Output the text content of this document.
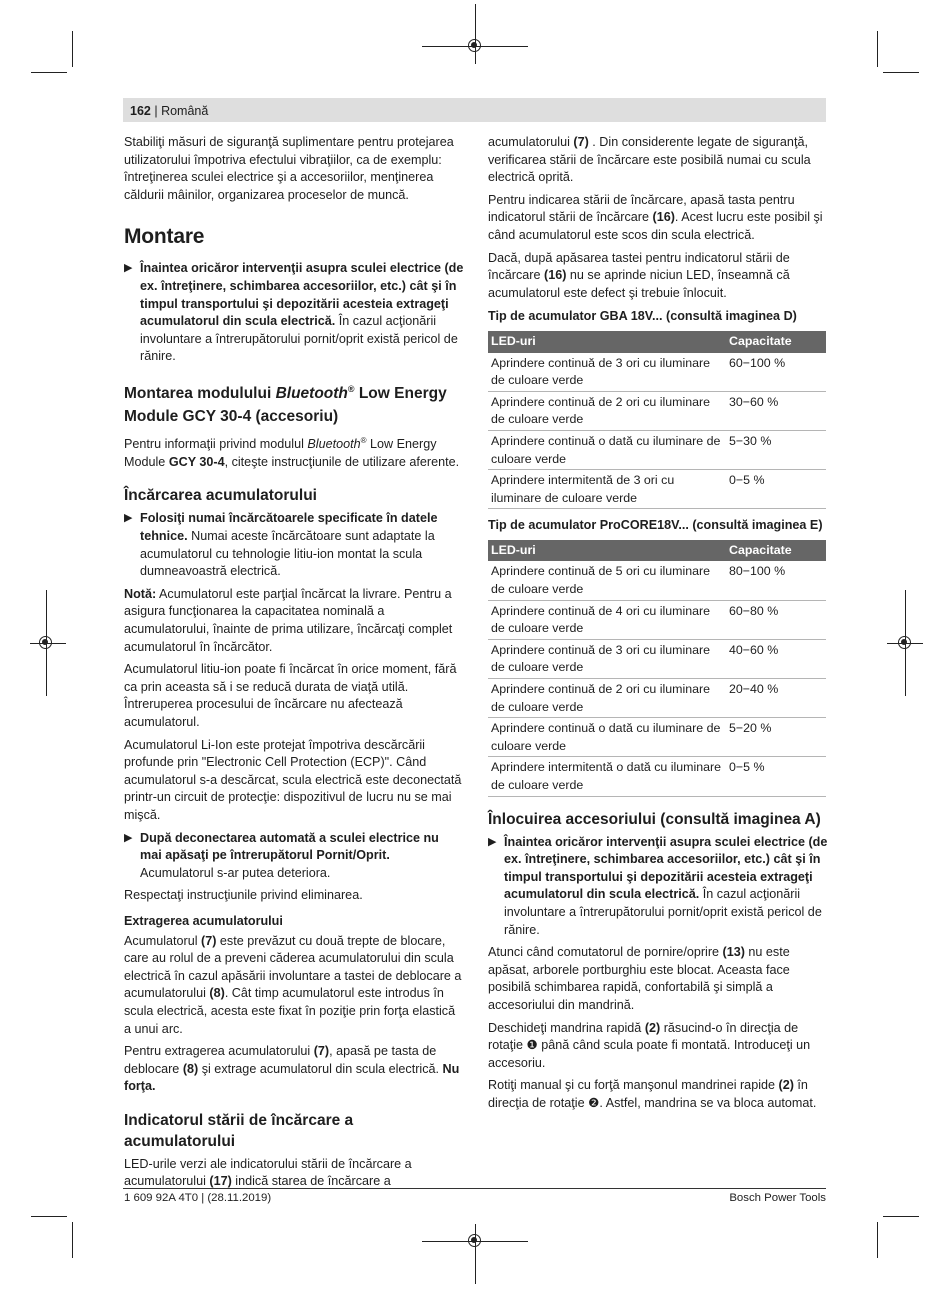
162 | Română

Stabiliţi măsuri de siguranţă suplimentare pentru protejarea utilizatorului împotriva efectului vibraţiilor, ca de exemplu: întreţinerea sculei electrice şi a accesoriilor, menţinerea căldurii mâinilor, organizarea proceselor de muncă.

Montare
▶ Înaintea oricăror intervenţii asupra sculei electrice (de ex. întreţinere, schimbarea accesoriilor, etc.) cât şi în timpul transportului şi depozitării acesteia extrageţi acumulatorul din scula electrică. În cazul acţionării involuntare a întrerupătorului pornit/oprit există pericol de rănire.
Montarea modulului Bluetooth® Low Energy Module GCY 30-4 (accesoriu)

Pentru informaţii privind modulul Bluetooth® Low Energy Module GCY 30-4, citeşte instrucţiunile de utilizare aferente.

Încărcarea acumulatorului
▶ Folosiţi numai încărcătoarele specificate în datele tehnice. Numai aceste încărcătoare sunt adaptate la acumulatorul cu tehnologie litiu-ion montat la scula dumneavoastră electrică.

Notă: Acumulatorul este parţial încărcat la livrare. Pentru a asigura funcţionarea la capacitatea nominală a acumulatorului, înainte de prima utilizare, încărcaţi complet acumulatorul în încărcător.

Acumulatorul litiu-ion poate fi încărcat în orice moment, fără ca prin aceasta să i se reducă durata de viaţă utilă. Întreruperea procesului de încărcare nu afectează acumulatorul.

Acumulatorul Li-Ion este protejat împotriva descărcării profunde prin "Electronic Cell Protection (ECP)". Când acumulatorul s-a descărcat, scula electrică este deconectată printr-un circuit de protecţie: dispozitivul de lucru nu se mai mişcă.

▶ După deconectarea automată a sculei electrice nu mai apăsaţi pe întrerupătorul Pornit/Oprit. Acumulatorul s-ar putea deteriora.

Respectaţi instrucţiunile privind eliminarea.

Extragerea acumulatorului

Acumulatorul (7) este prevăzut cu două trepte de blocare, care au rolul de a preveni căderea acumulatorului din scula electrică în cazul apăsării involuntare a tastei de deblocare a acumulatorului (8). Cât timp acumulatorul este introdus în scula electrică, acesta este fixat în poziţie prin forţa elastică a unui arc.

Pentru extragerea acumulatorului (7), apasă pe tasta de deblocare (8) şi extrage acumulatorul din scula electrică. Nu forţa.

Indicatorul stării de încărcare a acumulatorului

LED-urile verzi ale indicatorului stării de încărcare a acumulatorului (17) indică starea de încărcare a

acumulatorului (7) . Din considerente legate de siguranţă, verificarea stării de încărcare este posibilă numai cu scula electrică oprită.

Pentru indicarea stării de încărcare, apasă tasta pentru indicatorul stării de încărcare (16). Acest lucru este posibil şi când acumulatorul este scos din scula electrică.

Dacă, după apăsarea tastei pentru indicatorul stării de încărcare (16) nu se aprinde niciun LED, înseamnă că acumulatorul este defect şi trebuie înlocuit.

Tip de acumulator GBA 18V... (consultă imaginea D)
LED-uri	Capacitate
Aprindere continuă de 3 ori cu iluminare de culoare verde	60−100 %
Aprindere continuă de 2 ori cu iluminare de culoare verde	30−60 %
Aprindere continuă o dată cu iluminare de culoare verde	5−30 %
Aprindere intermitentă de 3 ori cu iluminare de culoare verde	0−5 %
Tip de acumulator ProCORE18V... (consultă imaginea E)
LED-uri	Capacitate
Aprindere continuă de 5 ori cu iluminare de culoare verde	80−100 %
Aprindere continuă de 4 ori cu iluminare de culoare verde	60−80 %
Aprindere continuă de 3 ori cu iluminare de culoare verde	40−60 %
Aprindere continuă de 2 ori cu iluminare de culoare verde	20−40 %
Aprindere continuă o dată cu iluminare de culoare verde	5−20 %
Aprindere intermitentă o dată cu iluminare de culoare verde	0−5 %
Înlocuirea accesoriului (consultă imaginea A)
▶ Înaintea oricăror intervenţii asupra sculei electrice (de ex. întreţinere, schimbarea accesoriilor, etc.) cât şi în timpul transportului şi depozitării acesteia extrageţi acumulatorul din scula electrică. În cazul acţionării involuntare a întrerupătorului pornit/oprit există pericol de rănire.

Atunci când comutatorul de pornire/oprire (13) nu este apăsat, arborele portburghiu este blocat. Aceasta face posibilă schimbarea rapidă, confortabilă şi simplă a accesoriului din mandrină.

Deschideţi mandrina rapidă (2) răsucind-o în direcţia de rotaţie ❶ până când scula poate fi montată. Introduceţi un accesoriu.

Rotiţi manual şi cu forţă manşonul mandrinei rapide (2) în direcţia de rotaţie ❷. Astfel, mandrina se va bloca automat.

1 609 92A 4T0 | (28.11.2019)	Bosch Power Tools
